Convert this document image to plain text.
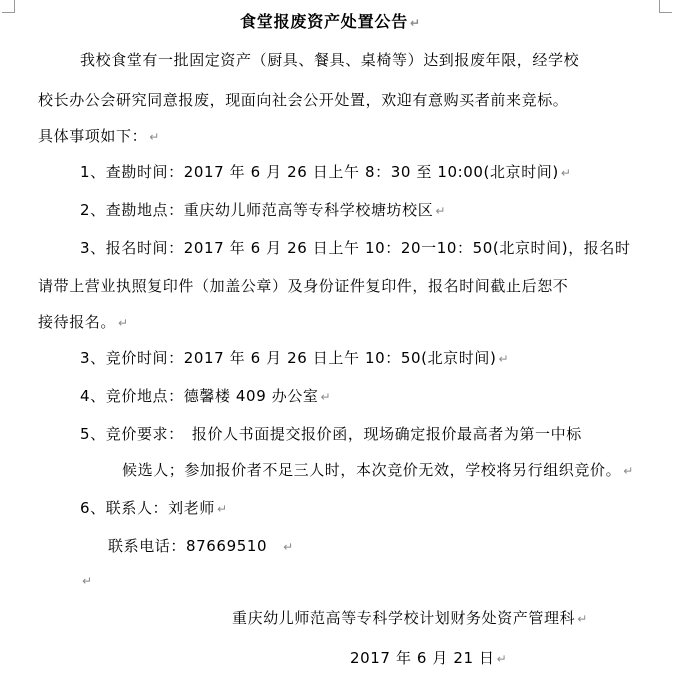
食堂报废资产处置公告 ↵
我校食堂有一批固定资产（厨具、餐具、桌椅等）达到报废年限，经学校
校长办公会研究同意报废，现面向社会公开处置，欢迎有意购买者前来竞标。
具体事项如下： ↵
1、查勘时间：2017 年 6 月 26 日上午 8：30 至 10:00(北京时间) ↵
2、查勘地点：重庆幼儿师范高等专科学校塘坊校区 ↵
3、报名时间：2017 年 6 月 26 日上午 10：20一10：50(北京时间)，报名时
请带上营业执照复印件（加盖公章）及身份证件复印件，报名时间截止后恕不
接待报名。 ↵
3、竞价时间：2017 年 6 月 26 日上午 10：50(北京时间) ↵
4、竞价地点：德馨楼 409 办公室 ↵
5、竞价要求：　报价人书面提交报价函，现场确定报价最高者为第一中标
候选人；参加报价者不足三人时，本次竞价无效，学校将另行组织竞价。 ↵
6、联系人：刘老师 ↵
联系电话：87669510 ↵
↵
重庆幼儿师范高等专科学校计划财务处资产管理科 ↵
2017 年 6 月 21 日 ↵
